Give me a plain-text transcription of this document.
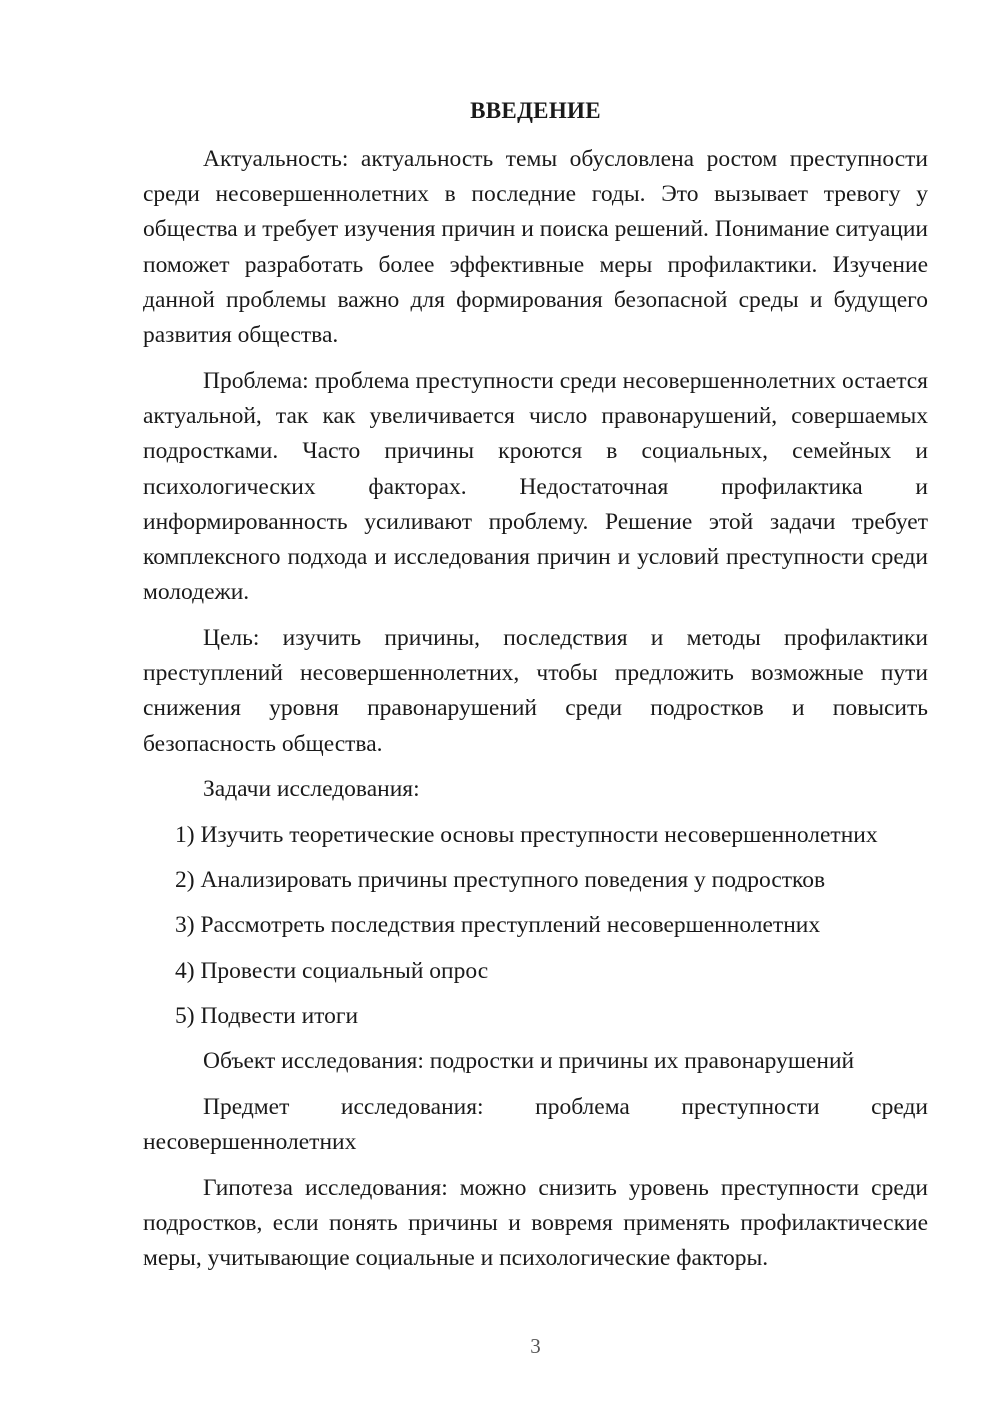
ВВЕДЕНИЕ

Актуальность: актуальность темы обусловлена ростом преступности среди несовершеннолетних в последние годы. Это вызывает тревогу у общества и требует изучения причин и поиска решений. Понимание ситуации поможет разработать более эффективные меры профилактики. Изучение данной проблемы важно для формирования безопасной среды и будущего развития общества.

Проблема: проблема преступности среди несовершеннолетних остается актуальной, так как увеличивается число правонарушений, совершаемых подростками. Часто причины кроются в социальных, семейных и психологических факторах. Недостаточная профилактика и информированность усиливают проблему. Решение этой задачи требует комплексного подхода и исследования причин и условий преступности среди молодежи.

Цель: изучить причины, последствия и методы профилактики преступлений несовершеннолетних, чтобы предложить возможные пути снижения уровня правонарушений среди подростков и повысить безопасность общества.

Задачи исследования:

1) Изучить теоретические основы преступности несовершеннолетних

2) Анализировать причины преступного поведения у подростков

3) Рассмотреть последствия преступлений несовершеннолетних

4) Провести социальный опрос

5) Подвести итоги

Объект исследования: подростки и причины их правонарушений

Предмет исследования: проблема преступности среди несовершеннолетних

Гипотеза исследования: можно снизить уровень преступности среди подростков, если понять причины и вовремя применять профилактические меры, учитывающие социальные и психологические факторы.

3
